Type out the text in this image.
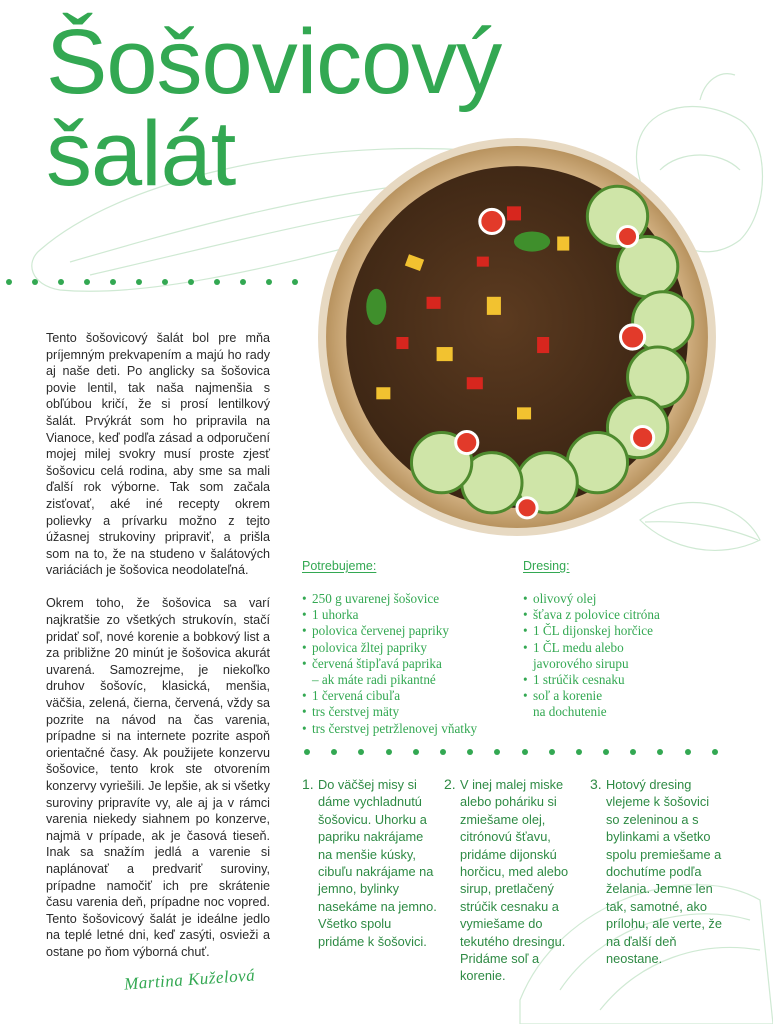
Šošovicový
šalát

Tento šošovicový šalát bol pre mňa príjemným prekvapením a majú ho rady aj naše deti. Po anglicky sa šošovica povie lentil, tak naša najmenšia s obľúbou kričí, že si prosí lentilkový šalát. Prvýkrát som ho pripravila na Vianoce, keď podľa zásad a odporučení mojej milej svokry musí proste zjesť šošovicu celá rodina, aby sme sa mali ďalší rok výborne. Tak som začala zisťovať, aké iné recepty okrem polievky a prívarku možno z tejto úžasnej strukoviny pripraviť, a prišla som na to, že na studeno v šalátových variáciách je šošovica neodolateľná.

Okrem toho, že šošovica sa varí najkratšie zo všetkých strukovín, stačí pridať soľ, nové korenie a bobkový list a za približne 20 minút je šošovica akurát uvarená. Samozrejme, je niekoľko druhov šošovíc, klasická, menšia, väčšia, zelená, čierna, červená, vždy sa pozrite na návod na čas varenia, prípadne si na internete pozrite aspoň orientačné časy. Ak použijete konzervu šošovice, tento krok ste otvorením konzervy vyriešili. Je lepšie, ak si všetky suroviny pripravíte vy, ale aj ja v rámci varenia niekedy siahnem po konzerve, najmä v prípade, ak je časová tieseň. Inak sa snažím jedlá a varenie si naplánovať a predvariť suroviny, prípadne namočiť ich pre skrátenie času varenia deň, prípadne noc vopred. Tento šošovicový šalát je ideálne jedlo na teplé letné dni, keď zasýti, osvieži a ostane po ňom výborná chuť.

Martina Kuželová
Potrebujeme:
• 250 g uvarenej šošovice
• 1 uhorka
• polovica červenej papriky
• polovica žltej papriky
• červená štipľavá paprika
– ak máte radi pikantné
• 1 červená cibuľa
• trs čerstvej mäty
• trs čerstvej petržlenovej vňatky
Dresing:
• olivový olej
• šťava z polovice citróna
• 1 ČL dijonskej horčice
• 1 ČL medu alebo
javorového sirupu
• 1 strúčik cesnaku
• soľ a korenie
na dochutenie
1. Do väčšej misy si dáme vychladnutú šošovicu. Uhorku a papriku nakrájame na menšie kúsky, cibuľu nakrájame na jemno, bylinky nasekáme na jemno. Všetko spolu pridáme k šošovici.
2. V inej malej miske alebo poháriku si zmiešame olej, citrónovú šťavu, pridáme dijonskú horčicu, med alebo sirup, pretlačený strúčik cesnaku a vymiešame do tekutého dresingu. Pridáme soľ a korenie.
3. Hotový dresing vlejeme k šošovici so zeleninou a s bylinkami a všetko spolu premiešame a dochutíme podľa želania. Jemne len tak, samotné, ako prílohu, ale verte, že na ďalší deň neostane.
